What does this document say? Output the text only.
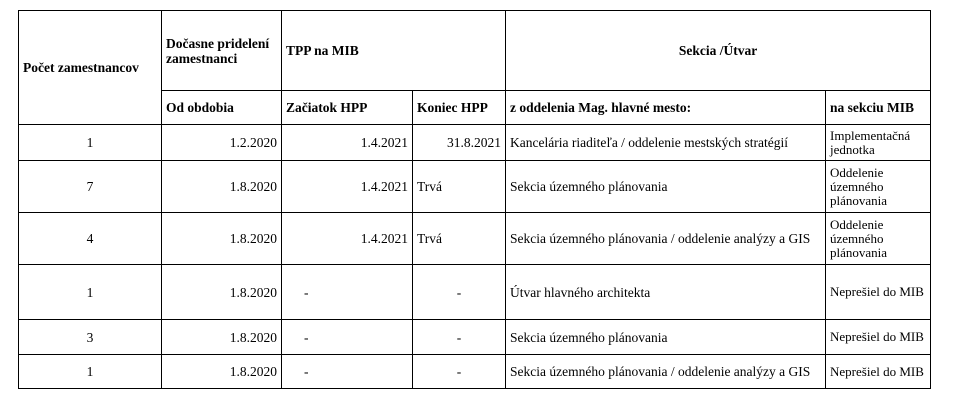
Počet zamestnancov	Dočasne pridelení zamestnanci	TPP na MIB		Sekcia /Útvar	
	Od obdobia	Začiatok HPP	Koniec HPP	z oddelenia Mag. hlavné mesto:	na sekciu MIB
1	1.2.2020	1.4.2021	31.8.2021	Kancelária riaditeľa / oddelenie mestských stratégií	Implementačná jednotka
7	1.8.2020	1.4.2021	Trvá	Sekcia územného plánovania	Oddelenie územného plánovania
4	1.8.2020	1.4.2021	Trvá	Sekcia územného plánovania / oddelenie analýzy a GIS	Oddelenie územného plánovania
1	1.8.2020	-	-	Útvar hlavného architekta	Neprešiel do MIB
3	1.8.2020	-	-	Sekcia územného plánovania	Neprešiel do MIB
1	1.8.2020	-	-	Sekcia územného plánovania / oddelenie analýzy a GIS	Neprešiel do MIB
